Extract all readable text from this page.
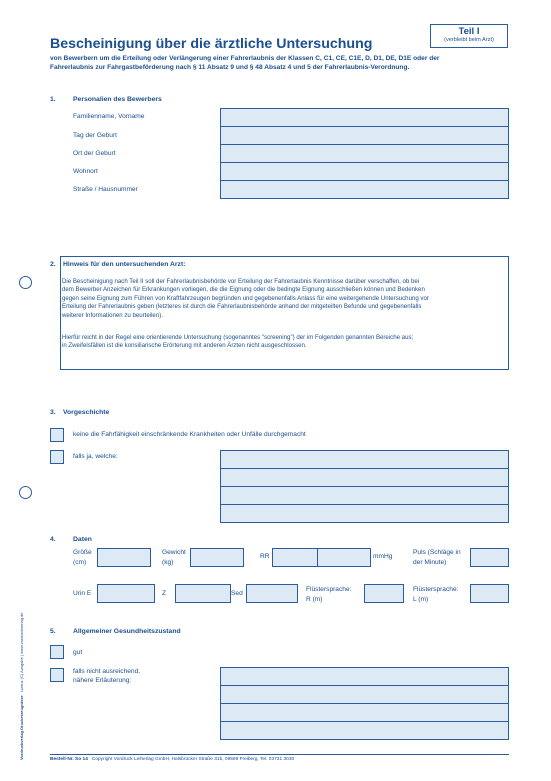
Vordruckverlag Druckerzeugnisse   Lizenz (C) Ausgabe | www.vordruckverlag.de
Teil I
(verbleibt beim Arzt)
Bescheinigung über die ärztliche Untersuchung
von Bewerbern um die Erteilung oder Verlängerung einer Fahrerlaubnis der Klassen C, C1, CE, C1E, D, D1, DE, D1E oder der
Fahrerlaubnis zur Fahrgastbeförderung nach § 11 Absatz 9 und § 48 Absatz 4 und 5 der Fahrerlaubnis-Verordnung.
1.	Personalien des Bewerbers
Familienname, Vorname
Tag der Geburt
Ort der Geburt
Wohnort
Straße / Hausnummer
2. Hinweis für den untersuchenden Arzt:
Die Bescheinigung nach Teil II soll der Fahrerlaubnisbehörde vor Erteilung der Fahrerlaubnis Kenntnisse darüber verschaffen, ob bei
dem Bewerber Anzeichen für Erkrankungen vorliegen, die die Eignung oder die bedingte Eignung ausschließen können und Bedenken
gegen seine Eignung zum Führen von Kraftfahrzeugen begründen und gegebenenfalls Anlass für eine weitergehende Untersuchung vor
Erteilung der Fahrerlaubnis geben (letzteres ist durch die Fahrerlaubnisbehörde anhand der mitgeteilten Befunde und gegebenenfalls
weiterer Informationen zu beurteilen).
Hierfür reicht in der Regel eine orientierende Untersuchung (sogenanntes "screening") der im Folgenden genannten Bereiche aus;
in Zweifelsfällen ist die konsiliarische Erörterung mit anderen Ärzten nicht ausgeschlossen.
3. Vorgeschichte
keine die Fahrfähigkeit einschränkende Krankheiten oder Unfälle durchgemacht
falls ja, welche:
4.	Daten
Größe
(cm)
Gewicht
(kg)
RR	mmHg
Puls (Schläge in
der Minute)
Urin E	Z	Sed
Flüstersprache:
R (m)
Flüstersprache:
L (m)
5.	Allgemeiner Gesundheitszustand
gut
falls nicht ausreichend,
nähere Erläuterung:
Bestell-Nr. So 14 Copyright Vordruck Leiherlag GmbH, Halsbrücker Straße 31b, 09599 Freiberg, Tel. 03731 3030
